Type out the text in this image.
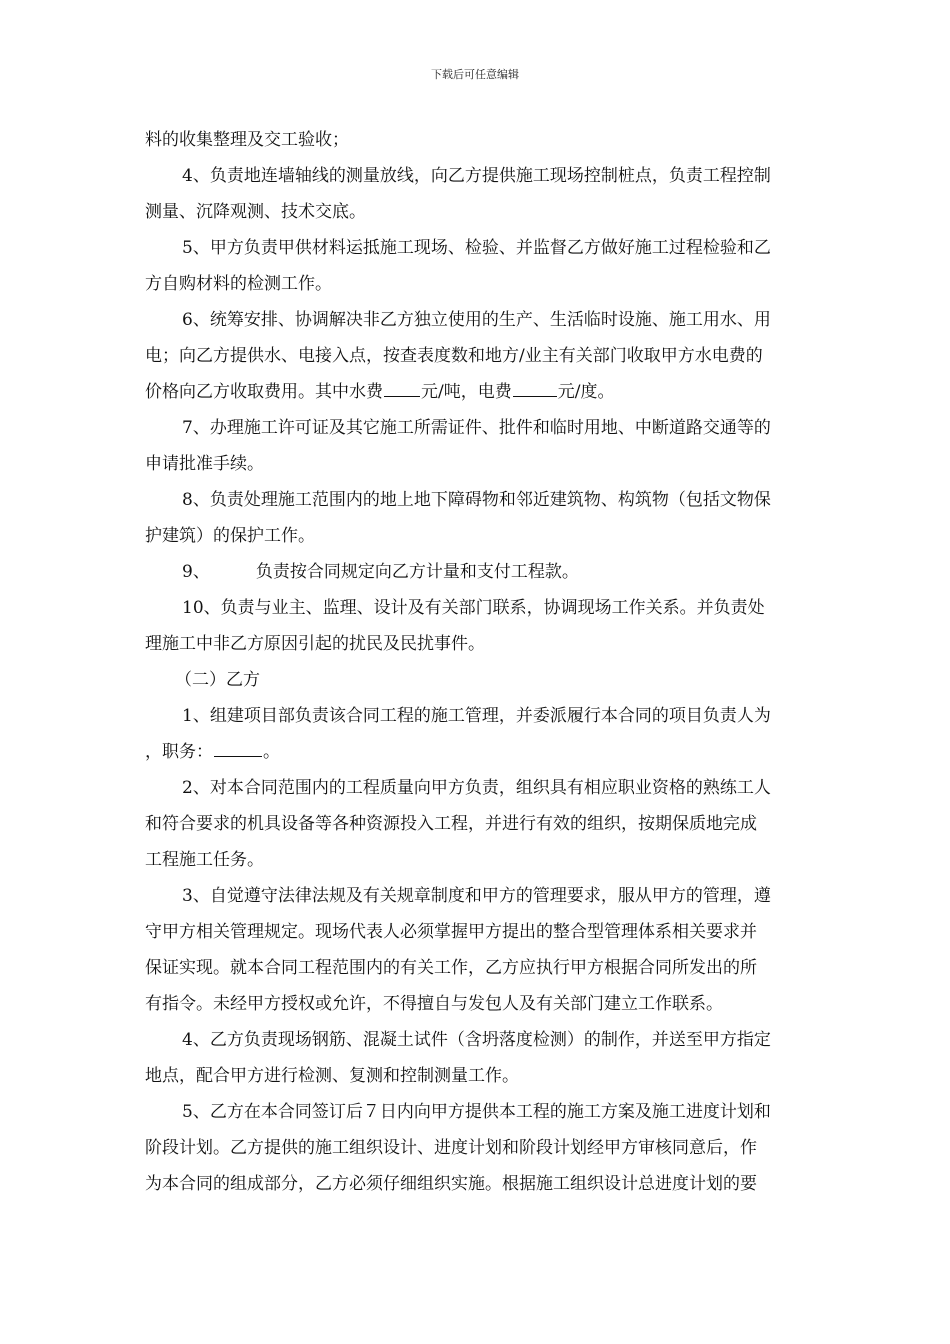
下载后可任意编辑
料的收集整理及交工验收；
4、负责地连墙轴线的测量放线，向乙方提供施工现场控制桩点，负责工程控制
测量、沉降观测、技术交底。
5、甲方负责甲供材料运抵施工现场、检验、并监督乙方做好施工过程检验和乙
方自购材料的检测工作。
6、统筹安排、协调解决非乙方独立使用的生产、生活临时设施、施工用水、用
电；向乙方提供水、电接入点，按查表度数和地方/业主有关部门收取甲方水电费的
价格向乙方收取费用。其中水费 元/吨，电费	元/度。
7、办理施工许可证及其它施工所需证件、批件和临时用地、中断道路交通等的
申请批准手续。
8、负责处理施工范围内的地上地下障碍物和邻近建筑物、构筑物（包括文物保
护建筑）的保护工作。
9、	负责按合同规定向乙方计量和支付工程款。
10、负责与业主、监理、设计及有关部门联系，协调现场工作关系。并负责处
理施工中非乙方原因引起的扰民及民扰事件。
（二）乙方
1、组建项目部负责该合同工程的施工管理，并委派履行本合同的项目负责人为
，职务：	。
2、对本合同范围内的工程质量向甲方负责，组织具有相应职业资格的熟练工人
和符合要求的机具设备等各种资源投入工程，并进行有效的组织，按期保质地完成
工程施工任务。
3、自觉遵守法律法规及有关规章制度和甲方的管理要求，服从甲方的管理，遵
守甲方相关管理规定。现场代表人必须掌握甲方提出的整合型管理体系相关要求并
保证实现。就本合同工程范围内的有关工作，乙方应执行甲方根据合同所发出的所
有指令。未经甲方授权或允许，不得擅自与发包人及有关部门建立工作联系。
4、乙方负责现场钢筋、混凝土试件（含坍落度检测）的制作，并送至甲方指定
地点，配合甲方进行检测、复测和控制测量工作。
5、乙方在本合同签订后７日内向甲方提供本工程的施工方案及施工进度计划和
阶段计划。乙方提供的施工组织设计、进度计划和阶段计划经甲方审核同意后，作
为本合同的组成部分，乙方必须仔细组织实施。根据施工组织设计总进度计划的要
